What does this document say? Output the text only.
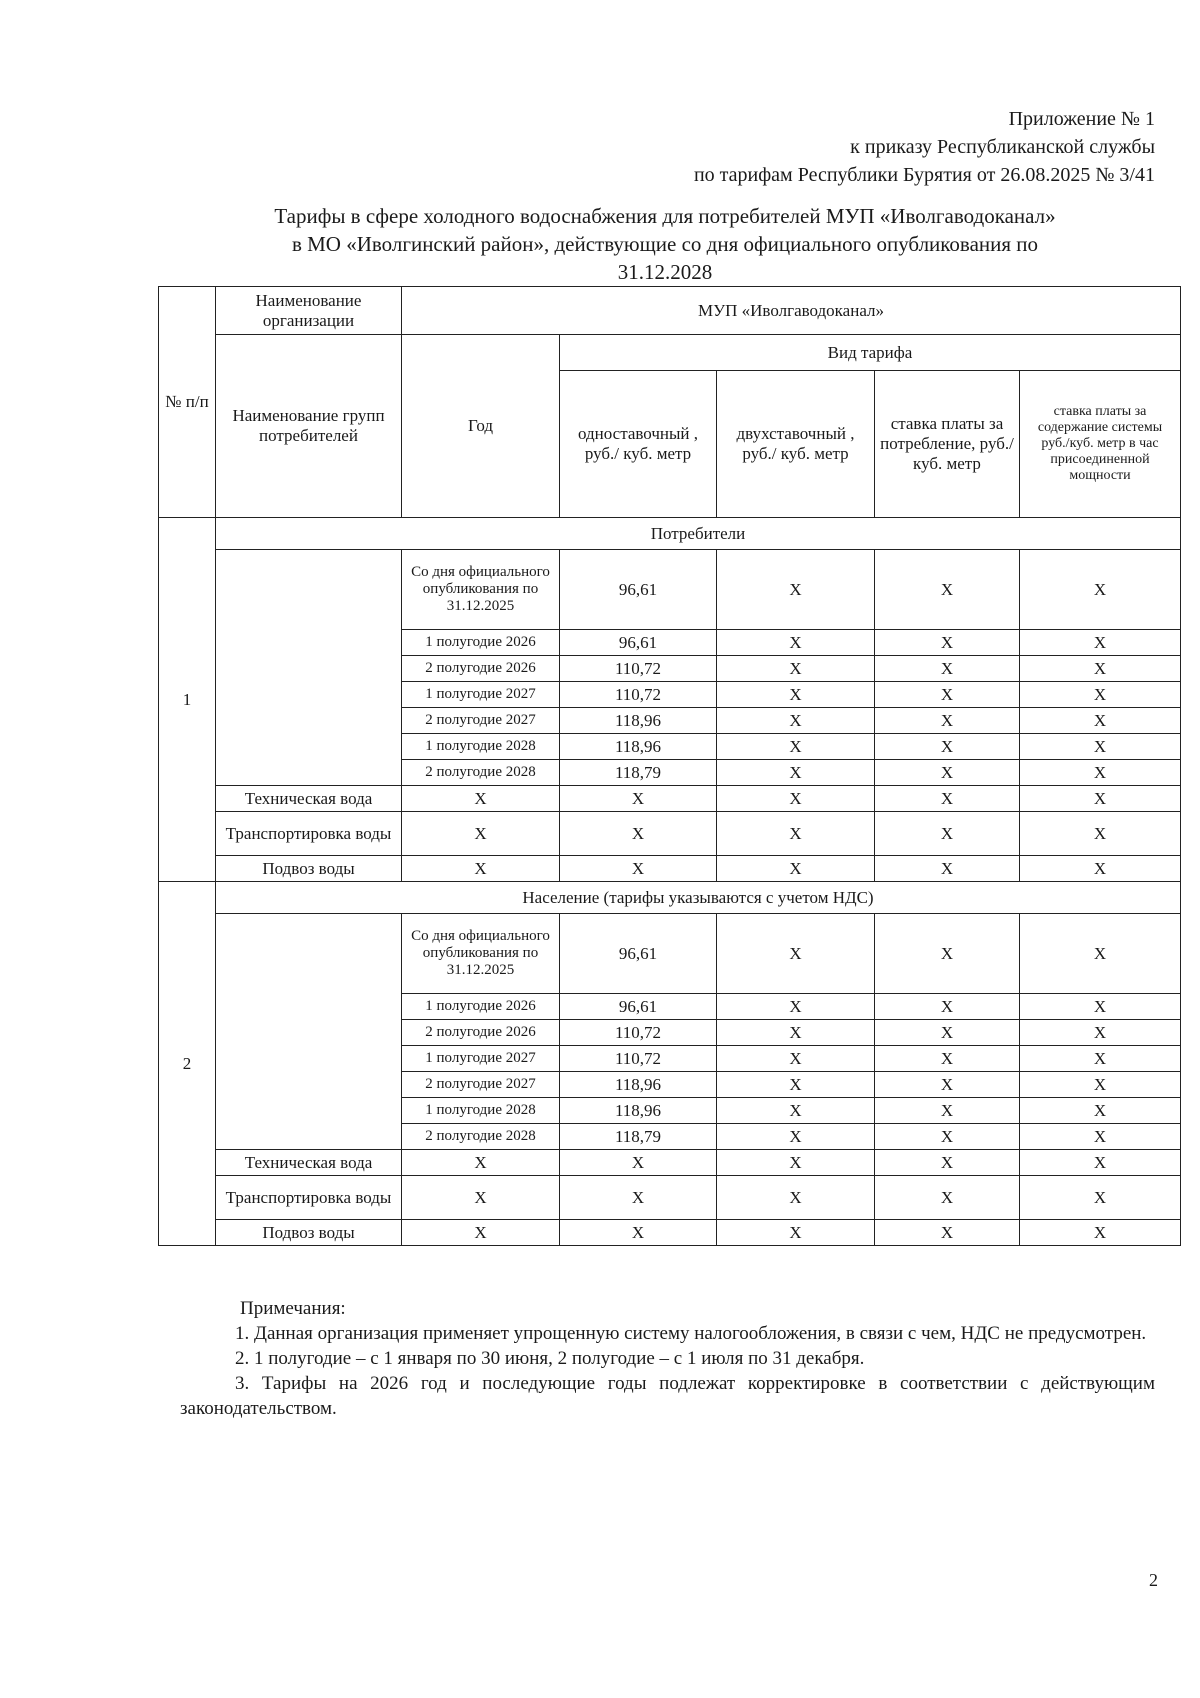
Приложение № 1
к приказу Республиканской службы
по тарифам Республики Бурятия от 26.08.2025 № 3/41
Тарифы в сфере холодного водоснабжения для потребителей МУП «Иволгаводоканал»
в МО «Иволгинский район», действующие со дня официального опубликования по
31.12.2028
№ п/п	Наименование организации	МУП «Иволгаводоканал»				
	Наименование групп потребителей	Год	Вид тарифа			
			одноставочный , руб./ куб. метр	двухставочный , руб./ куб. метр	ставка платы за потребление, руб./ куб. метр	ставка платы за содержание системы руб./куб. метр в час присоединенной мощности
1	Потребители					
		Со дня официального опубликования по 31.12.2025	96,61	X	X	X
		1 полугодие 2026	96,61	X	X	X
		2 полугодие 2026	110,72	X	X	X
		1 полугодие 2027	110,72	X	X	X
		2 полугодие 2027	118,96	X	X	X
		1 полугодие 2028	118,96	X	X	X
		2 полугодие 2028	118,79	X	X	X
	Техническая вода	X	X	X	X	X
	Транспортировка воды	X	X	X	X	X
	Подвоз воды	X	X	X	X	X
2	Население (тарифы указываются с учетом НДС)					
		Со дня официального опубликования по 31.12.2025	96,61	X	X	X
		1 полугодие 2026	96,61	X	X	X
		2 полугодие 2026	110,72	X	X	X
		1 полугодие 2027	110,72	X	X	X
		2 полугодие 2027	118,96	X	X	X
		1 полугодие 2028	118,96	X	X	X
		2 полугодие 2028	118,79	X	X	X
	Техническая вода	X	X	X	X	X
	Транспортировка воды	X	X	X	X	X
	Подвоз воды	X	X	X	X	X

Примечания:

1. Данная организация применяет упрощенную систему налогообложения, в связи с чем, НДС не предусмотрен.

2. 1 полугодие – с 1 января по 30 июня, 2 полугодие – с 1 июля по 31 декабря.

3. Тарифы на 2026 год и последующие годы подлежат корректировке в соответствии с действующим законодательством.

2
